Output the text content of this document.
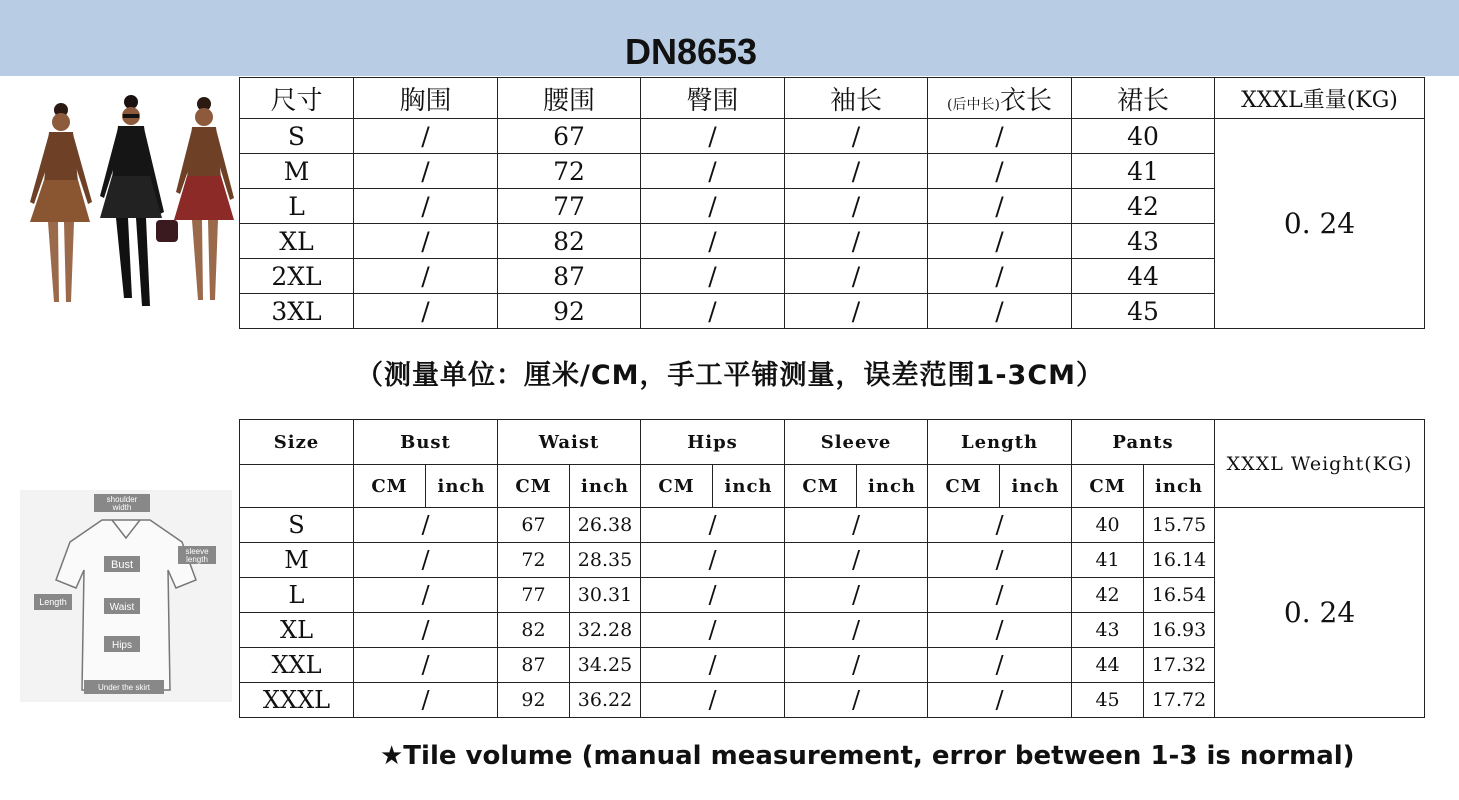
DN8653
尺寸	胸围	腰围	臀围	袖长	(后中长)衣长	裙长	XXXL重量(KG)
S	/	67	/	/	/	40	0. 24
M	/	72	/	/	/	41	
L	/	77	/	/	/	42	
XL	/	82	/	/	/	43	
2XL	/	87	/	/	/	44	
3XL	/	92	/	/	/	45	
（测量单位：厘米/CM，手工平铺测量，误差范围1-3CM）
shoulder
width
sleeve
length
Bust
Length	Waist
Hips
Under the skirt
Size	Bust		Waist		Hips		Sleeve		Length		Pants		XXXL Weight(KG)
	CM	inch	CM	inch	CM	inch	CM	inch	CM	inch	CM	inch	
S	/		67	26.38	/		/		/		40	15.75	0. 24
M	/		72	28.35	/		/		/		41	16.14	
L	/		77	30.31	/		/		/		42	16.54	
XL	/		82	32.28	/		/		/		43	16.93	
XXL	/		87	34.25	/		/		/		44	17.32	
XXXL	/		92	36.22	/		/		/		45	17.72	
★Tile volume (manual measurement, error between 1-3 is normal)
